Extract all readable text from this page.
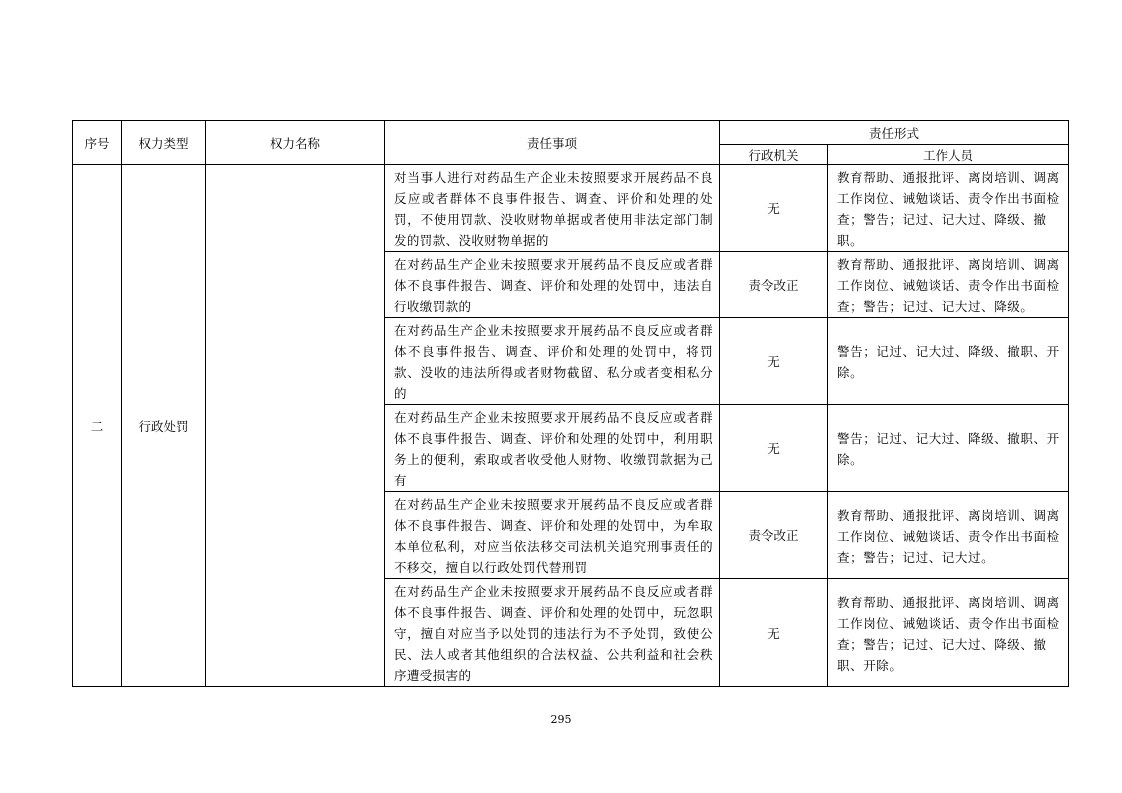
序号	权力类型	权力名称	责任事项	责任形式	
				行政机关	工作人员
二	行政处罚		对当事人进行对药品生产企业未按照要求开展药品不良反应或者群体不良事件报告、调查、评价和处理的处罚，不使用罚款、没收财物单据或者使用非法定部门制发的罚款、没收财物单据的	无	教育帮助、通报批评、离岗培训、调离工作岗位、诫勉谈话、责令作出书面检查；警告；记过、记大过、降级、撤职。
			在对药品生产企业未按照要求开展药品不良反应或者群体不良事件报告、调查、评价和处理的处罚中，违法自行收缴罚款的	责令改正	教育帮助、通报批评、离岗培训、调离工作岗位、诫勉谈话、责令作出书面检查；警告；记过、记大过、降级。
			在对药品生产企业未按照要求开展药品不良反应或者群体不良事件报告、调查、评价和处理的处罚中，将罚款、没收的违法所得或者财物截留、私分或者变相私分的	无	警告；记过、记大过、降级、撤职、开除。
			在对药品生产企业未按照要求开展药品不良反应或者群体不良事件报告、调查、评价和处理的处罚中，利用职务上的便利，索取或者收受他人财物、收缴罚款据为己有	无	警告；记过、记大过、降级、撤职、开除。
			在对药品生产企业未按照要求开展药品不良反应或者群体不良事件报告、调查、评价和处理的处罚中，为牟取本单位私利，对应当依法移交司法机关追究刑事责任的不移交，擅自以行政处罚代替刑罚	责令改正	教育帮助、通报批评、离岗培训、调离工作岗位、诫勉谈话、责令作出书面检查；警告；记过、记大过。
			在对药品生产企业未按照要求开展药品不良反应或者群体不良事件报告、调查、评价和处理的处罚中，玩忽职守，擅自对应当予以处罚的违法行为不予处罚，致使公民、法人或者其他组织的合法权益、公共利益和社会秩序遭受损害的	无	教育帮助、通报批评、离岗培训、调离工作岗位、诫勉谈话、责令作出书面检查；警告；记过、记大过、降级、撤职、开除。
295
